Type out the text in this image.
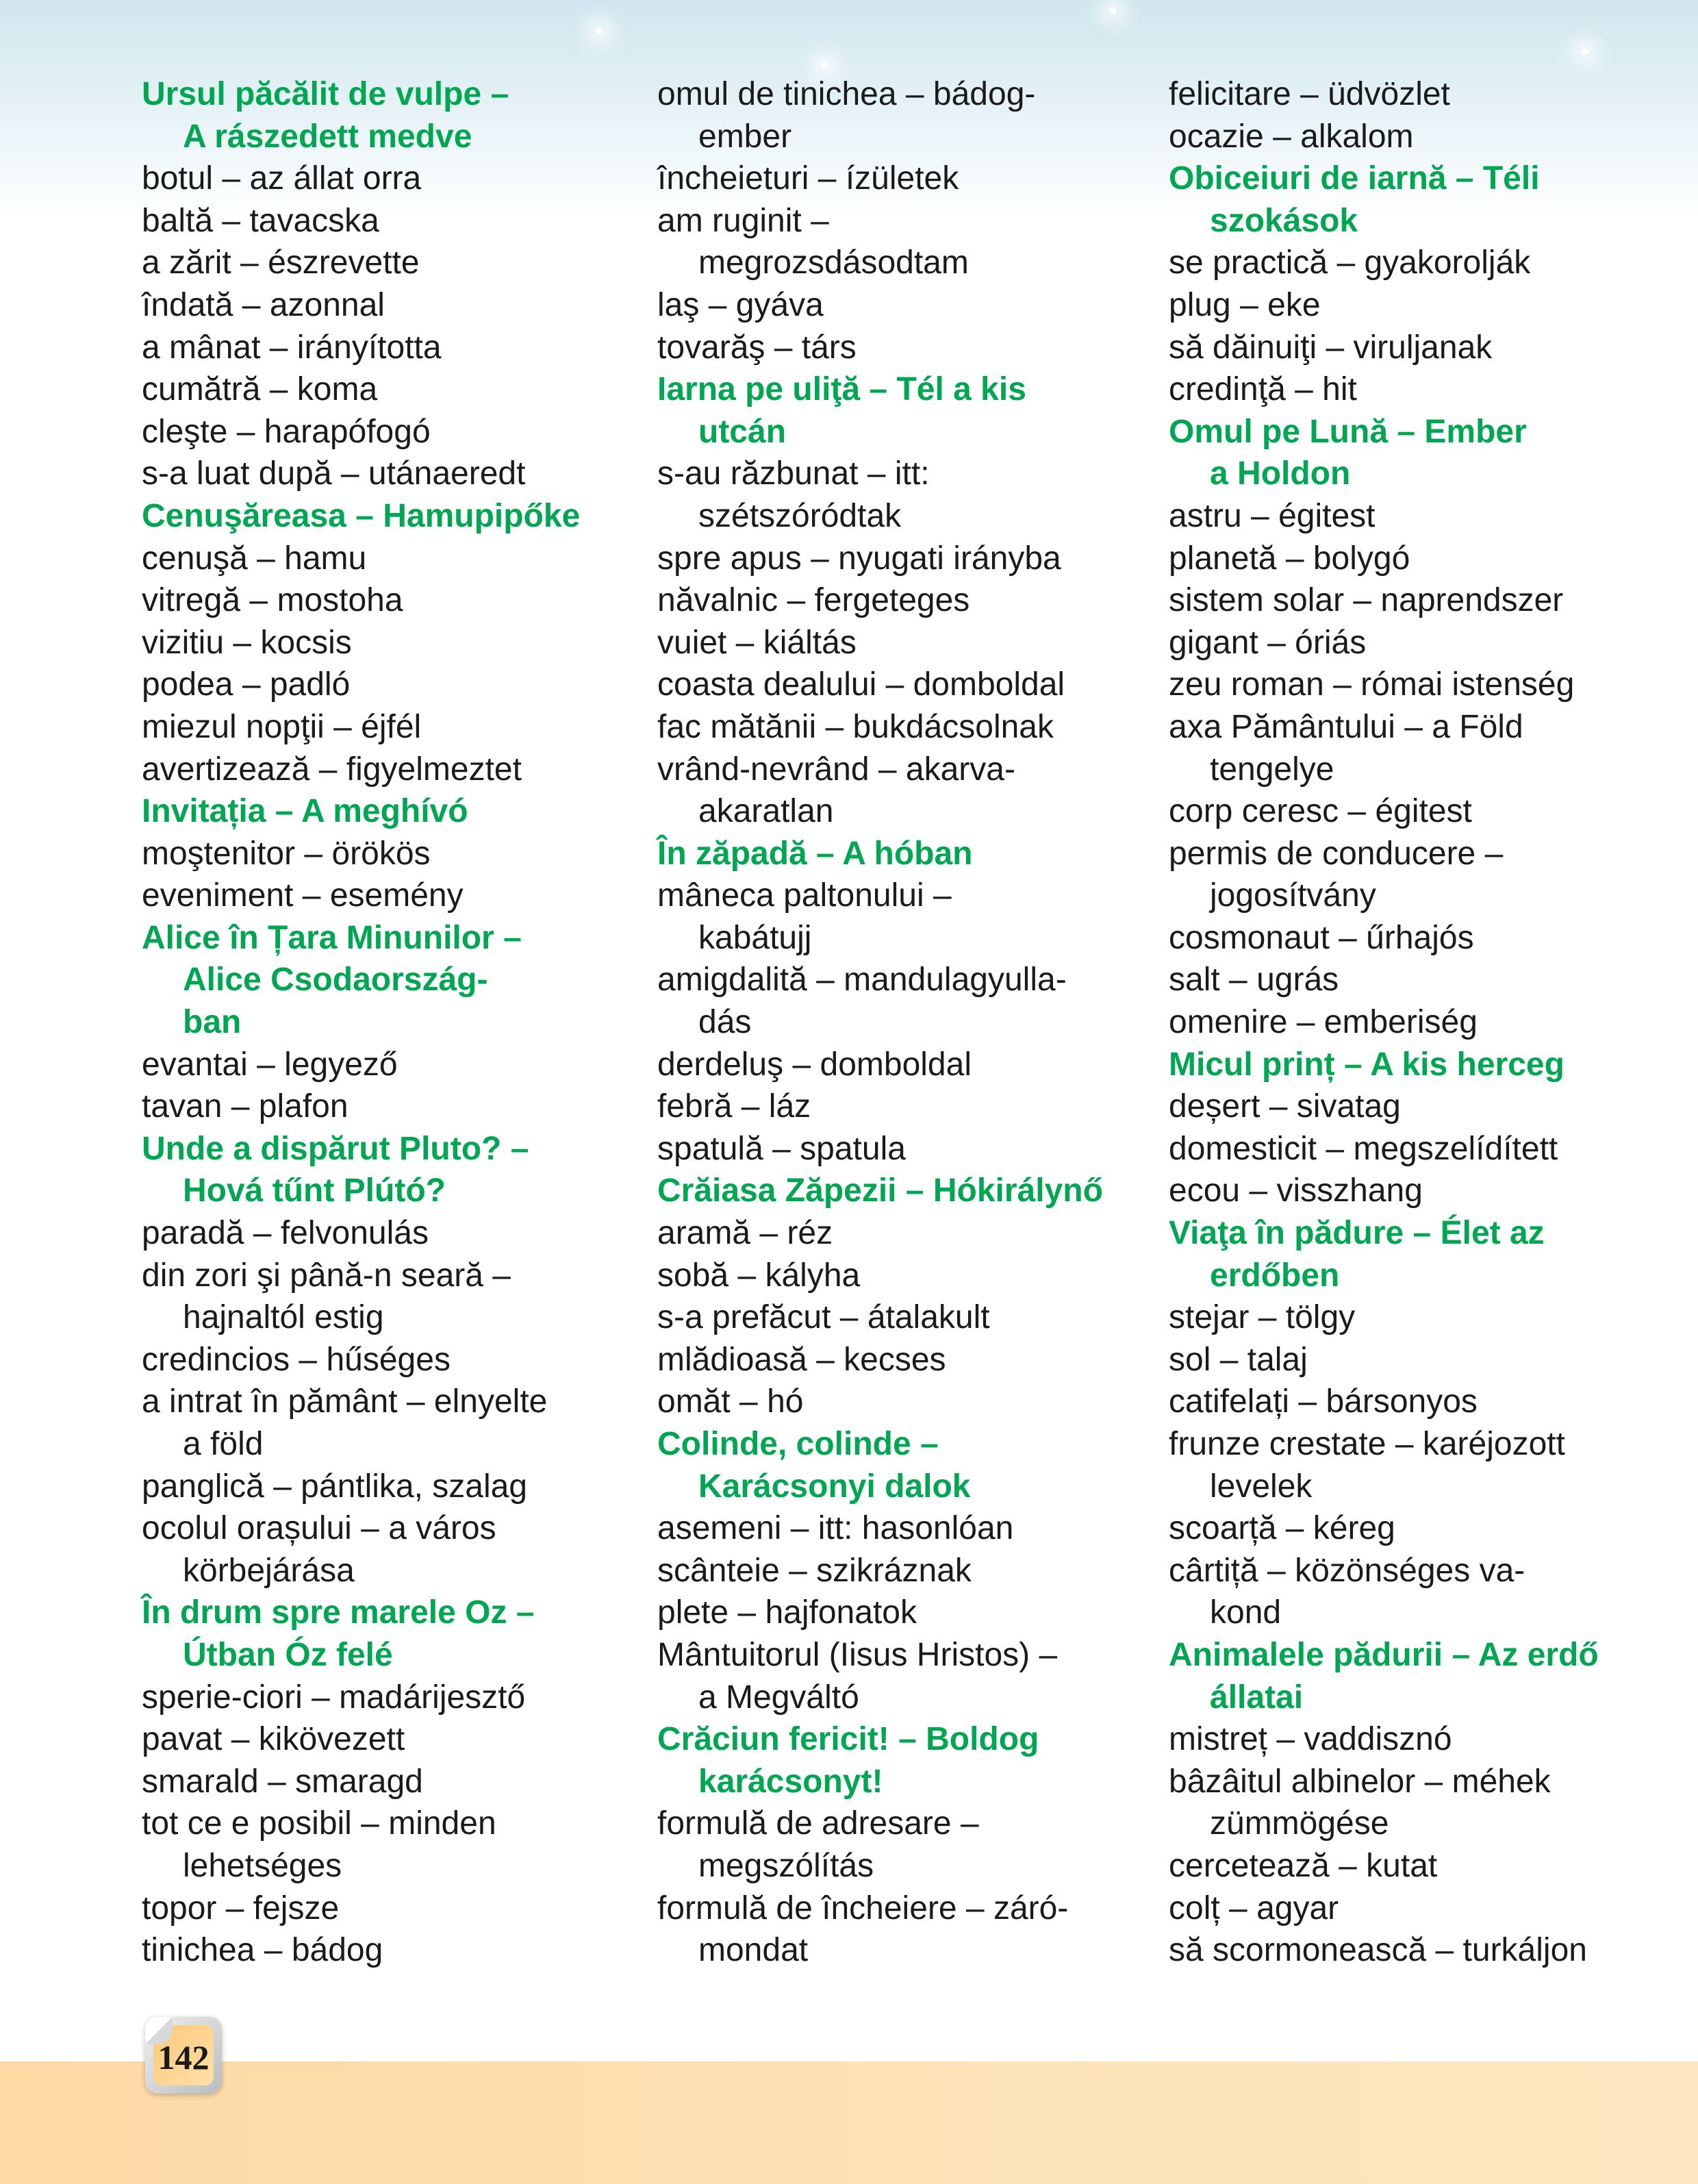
Ursul păcălit de vulpe –
A rászedett medve
botul – az állat orra
baltă – tavacska
a zărit – észrevette
îndată – azonnal
a mânat – irányította
cumătră – koma
cleşte – harapófogó
s-a luat după – utánaeredt
Cenuşăreasa – Hamupipőke
cenuşă – hamu
vitregă – mostoha
vizitiu – kocsis
podea – padló
miezul nopţii – éjfél
avertizează – figyelmeztet
Invitația – A meghívó
moştenitor – örökös
eveniment – esemény
Alice în Țara Minunilor –
Alice Csodaország-
ban
evantai – legyező
tavan – plafon
Unde a dispărut Pluto? –
Hová tűnt Plútó?
paradă – felvonulás
din zori şi până-n seară –
hajnaltól estig
credincios – hűséges
a intrat în pământ – elnyelte
a föld
panglică – pántlika, szalag
ocolul orașului – a város
körbejárása
În drum spre marele Oz –
Útban Óz felé
sperie-ciori – madárijesztő
pavat – kikövezett
smarald – smaragd
tot ce e posibil – minden
lehetséges
topor – fejsze
tinichea – bádog
omul de tinichea – bádog-
ember
încheieturi – ízületek
am ruginit –
megrozsdásodtam
laş – gyáva
tovarăş – társ
Iarna pe uliţă – Tél a kis
utcán
s-au răzbunat – itt:
szétszóródtak
spre apus – nyugati irányba
năvalnic – fergeteges
vuiet – kiáltás
coasta dealului – domboldal
fac mătănii – bukdácsolnak
vrând-nevrând – akarva-
akaratlan
În zăpadă – A hóban
mâneca paltonului –
kabátujj
amigdalită – mandulagyulla-
dás
derdeluş – domboldal
febră – láz
spatulă – spatula
Crăiasa Zăpezii – Hókirálynő
aramă – réz
sobă – kályha
s-a prefăcut – átalakult
mlădioasă – kecses
omăt – hó
Colinde, colinde –
Karácsonyi dalok
asemeni – itt: hasonlóan
scânteie – szikráznak
plete – hajfonatok
Mântuitorul (Iisus Hristos) –
a Megváltó
Crăciun fericit! – Boldog
karácsonyt!
formulă de adresare –
megszólítás
formulă de încheiere – záró-
mondat
felicitare – üdvözlet
ocazie – alkalom
Obiceiuri de iarnă – Téli
szokások
se practică – gyakorolják
plug – eke
să dăinuiţi – viruljanak
credinţă – hit
Omul pe Lună – Ember
a Holdon
astru – égitest
planetă – bolygó
sistem solar – naprendszer
gigant – óriás
zeu roman – római istenség
axa Pământului – a Föld
tengelye
corp ceresc – égitest
permis de conducere –
jogosítvány
cosmonaut – űrhajós
salt – ugrás
omenire – emberiség
Micul prinț – A kis herceg
deșert – sivatag
domesticit – megszelídített
ecou – visszhang
Viaţa în pădure – Élet az
erdőben
stejar – tölgy
sol – talaj
catifelați – bársonyos
frunze crestate – karéjozott
levelek
scoarță – kéreg
cârtiță – közönséges va-
kond
Animalele pădurii – Az erdő
állatai
mistreț – vaddisznó
bâzâitul albinelor – méhek
zümmögése
cercetează – kutat
colț – agyar
să scormonească – turkáljon
142
